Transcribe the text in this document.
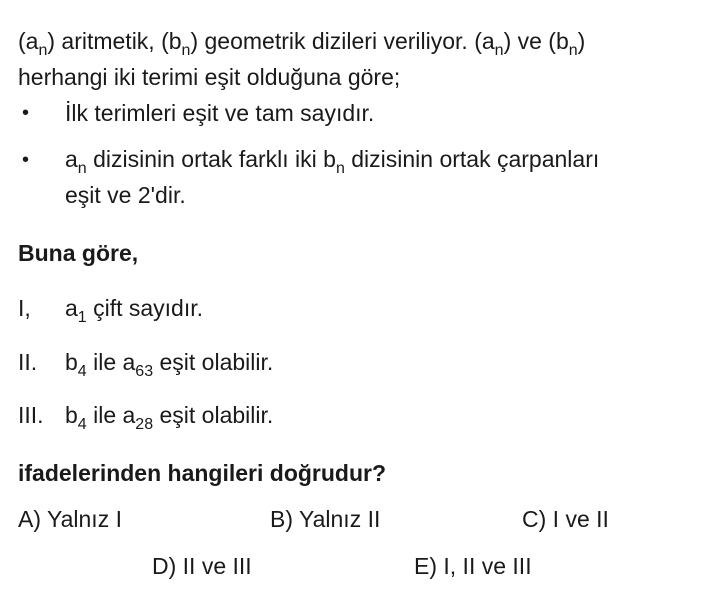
$(a_n)$ aritmetik, $(b_n)$ geometrik dizileri veriliyor. $(a_n)$ ve $(b_n)$
herhangi iki terimi eşit olduğuna göre;
• İlk terimleri eşit ve tam sayıdır.
• $a_n$ dizisinin ortak farklı iki $b_n$ dizisinin ortak çarpanları
eşit ve 2'dir.
Buna göre,
I, $a_1$ çift sayıdır.
II. $b_4$ ile $a_{63}$ eşit olabilir.
III. $b_4$ ile $a_{28}$ eşit olabilir.
ifadelerinden hangileri doğrudur?
A) Yalnız I	B) Yalnız II	C) I ve II
D) II ve III	E) I, II ve III
